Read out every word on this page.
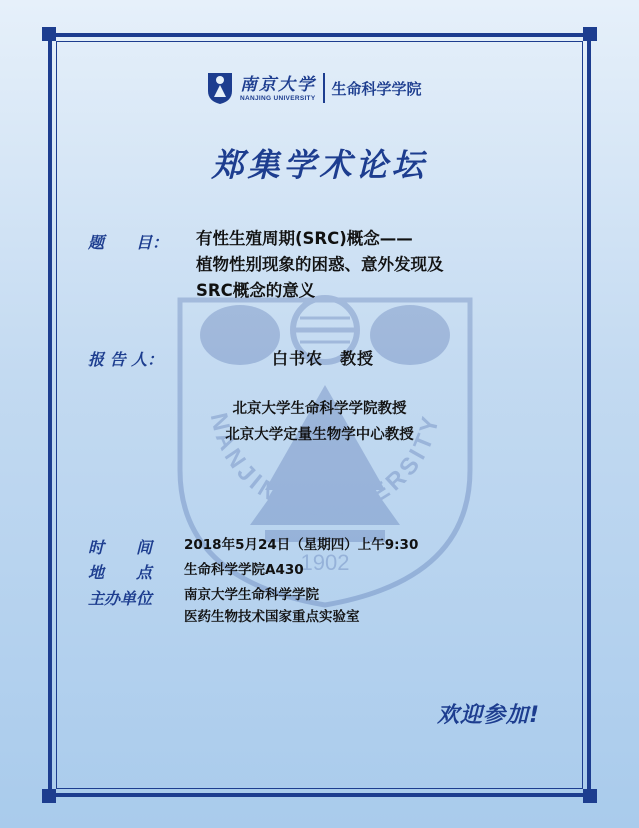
1902
NANJING UNIVERSITY
南京大学
NANJING UNIVERSITY
生命科学学院
郑集学术论坛
题　　目： 有性生殖周期(SRC)概念——
植物性别现象的困惑、意外发现及
SRC概念的意义
报 告 人：	白书农　教授
北京大学生命科学学院教授
北京大学定量生物学中心教授
时　　间 2018年5月24日（星期四）上午9:30
地　　点 生命科学学院A430
主办单位 南京大学生命科学学院
医药生物技术国家重点实验室
欢迎参加!
